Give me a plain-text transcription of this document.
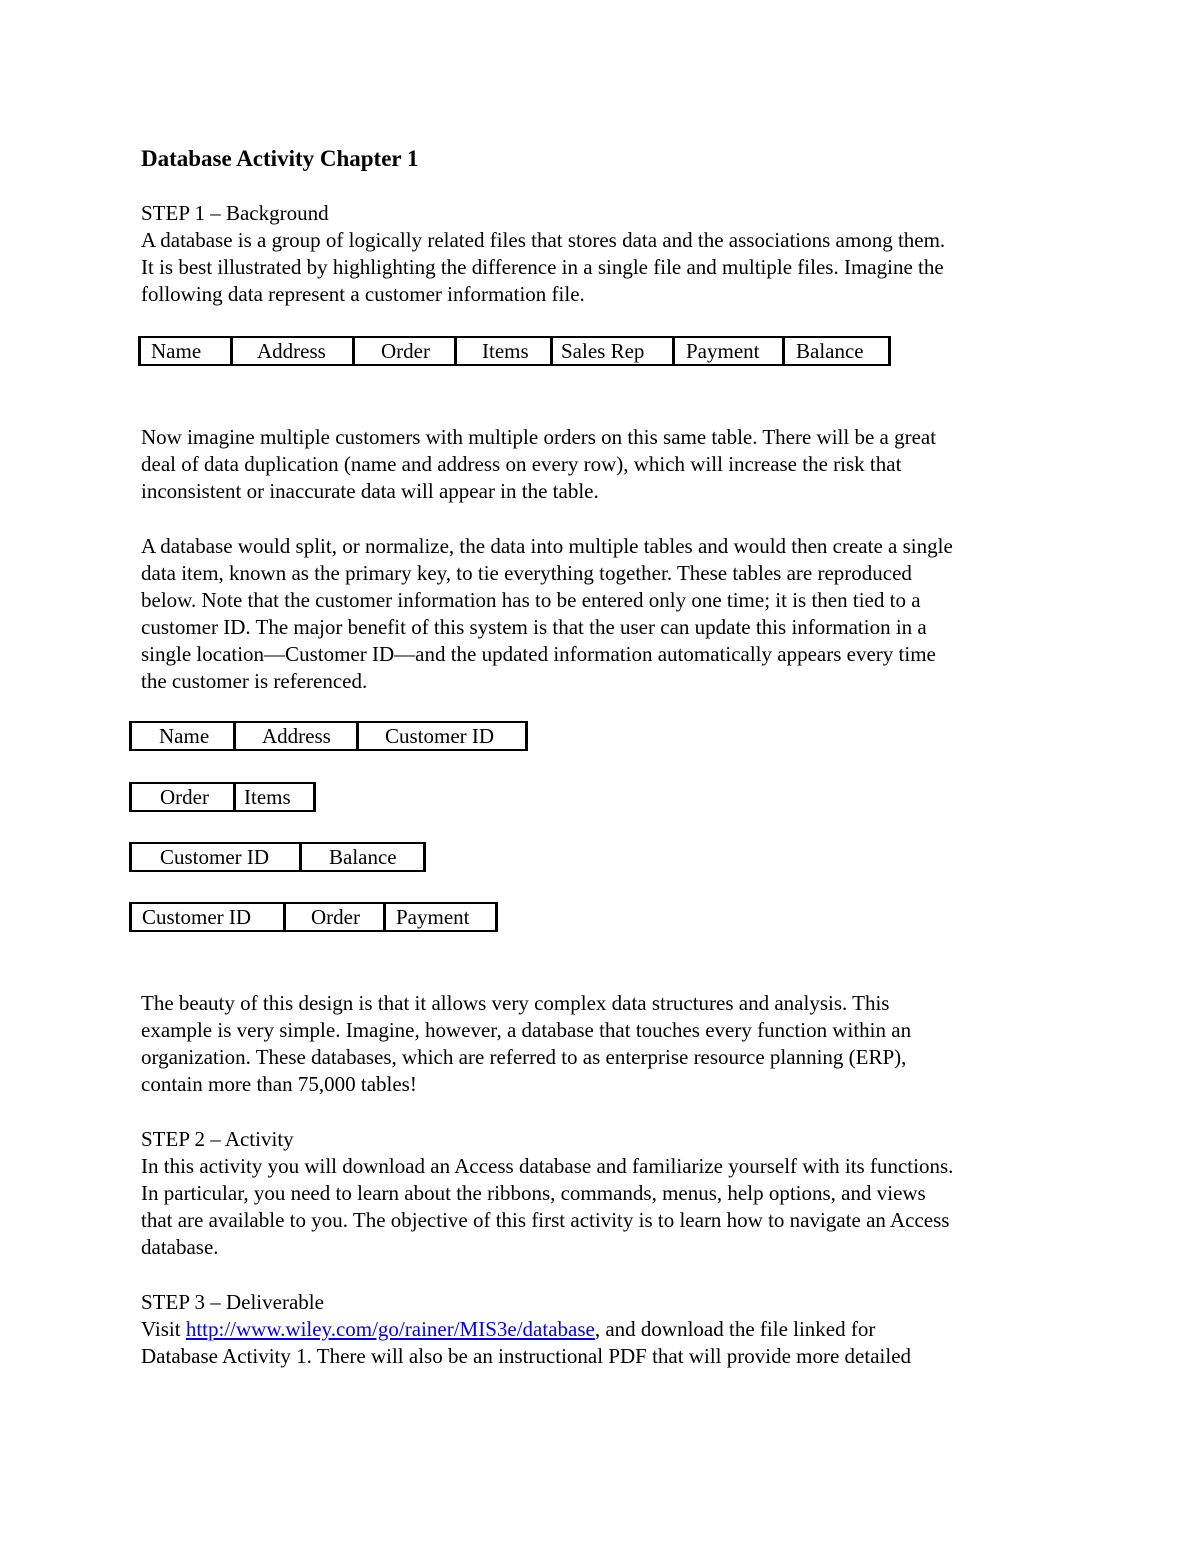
Database Activity Chapter 1
STEP 1 – Background
A database is a group of logically related files that stores data and the associations among them.
It is best illustrated by highlighting the difference in a single file and multiple files. Imagine the
following data represent a customer information file.
Name	Address	Order	Items	Sales Rep	Payment	Balance
Now imagine multiple customers with multiple orders on this same table. There will be a great
deal of data duplication (name and address on every row), which will increase the risk that
inconsistent or inaccurate data will appear in the table.
A database would split, or normalize, the data into multiple tables and would then create a single
data item, known as the primary key, to tie everything together. These tables are reproduced
below. Note that the customer information has to be entered only one time; it is then tied to a
customer ID. The major benefit of this system is that the user can update this information in a
single location—Customer ID—and the updated information automatically appears every time
the customer is referenced.
Name	Address	Customer ID
Order	Items
Customer ID	Balance
Customer ID	Order	Payment
The beauty of this design is that it allows very complex data structures and analysis. This
example is very simple. Imagine, however, a database that touches every function within an
organization. These databases, which are referred to as enterprise resource planning (ERP),
contain more than 75,000 tables!
STEP 2 – Activity
In this activity you will download an Access database and familiarize yourself with its functions.
In particular, you need to learn about the ribbons, commands, menus, help options, and views
that are available to you. The objective of this first activity is to learn how to navigate an Access
database.
STEP 3 – Deliverable
Visit http://www.wiley.com/go/rainer/MIS3e/database, and download the file linked for
Database Activity 1. There will also be an instructional PDF that will provide more detailed
